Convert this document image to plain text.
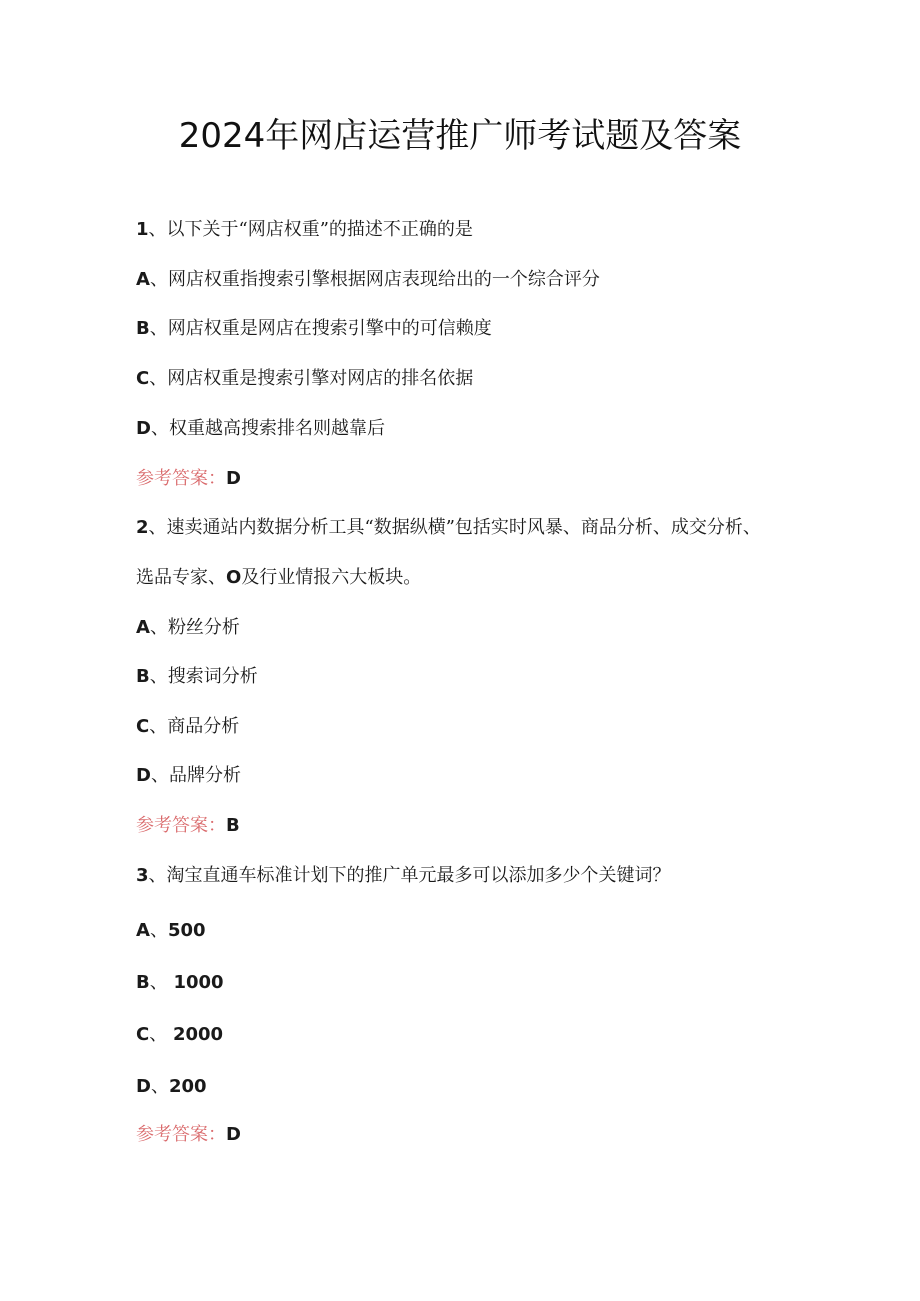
2024年网店运营推广师考试题及答案
1、以下关于“网店权重”的描述不正确的是
A、网店权重指搜索引擎根据网店表现给出的一个综合评分
B、网店权重是网店在搜索引擎中的可信赖度
C、网店权重是搜索引擎对网店的排名依据
D、权重越高搜索排名则越靠后
参考答案：D
2、速卖通站内数据分析工具“数据纵横”包括实时风暴、商品分析、成交分析、选品专家、O及行业情报六大板块。
A、粉丝分析
B、搜索词分析
C、商品分析
D、品牌分析
参考答案：B
3、淘宝直通车标准计划下的推广单元最多可以添加多少个关键词？
A、500
B、 1000
C、 2000
D、200
参考答案：D
